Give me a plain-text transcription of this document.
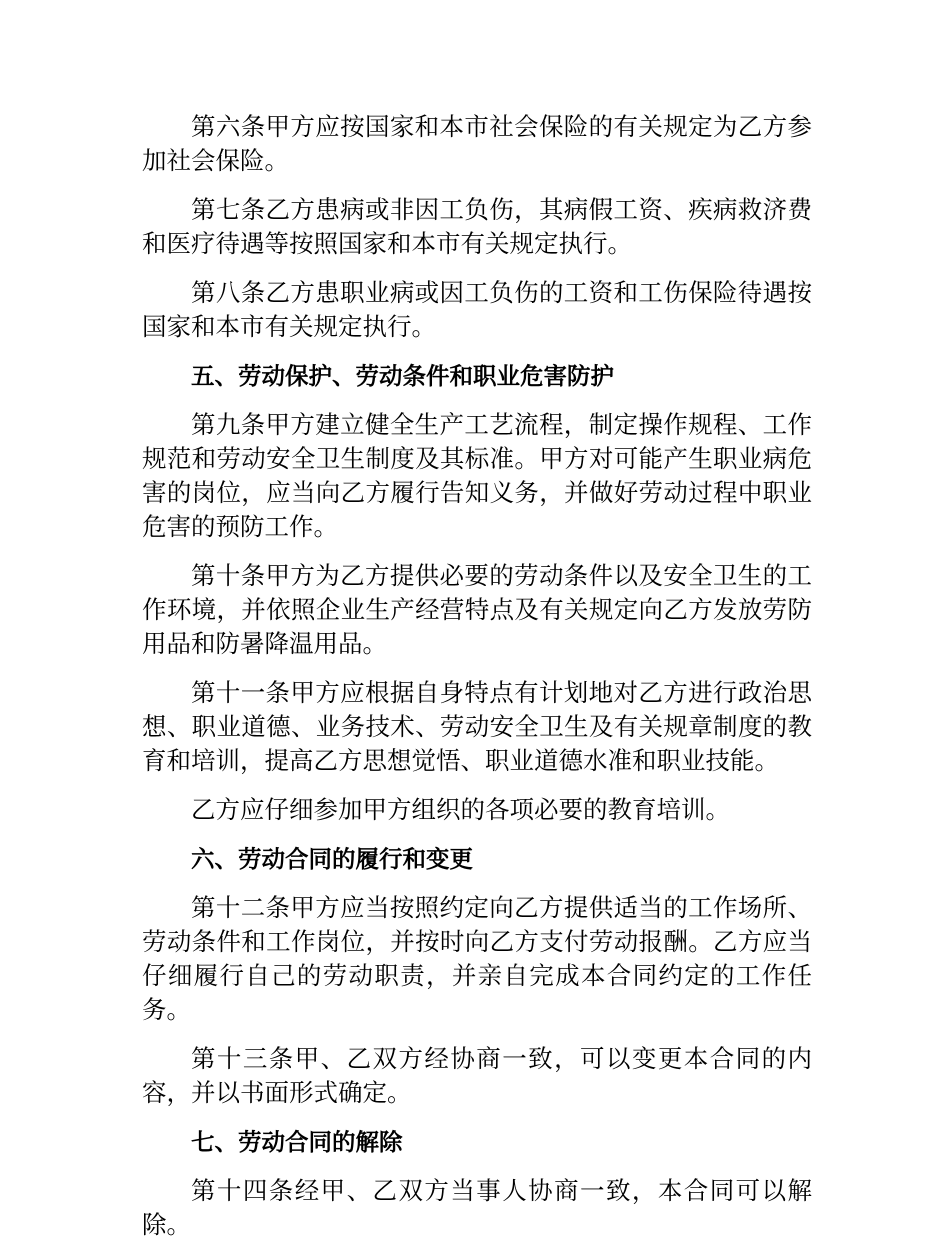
第六条甲方应按国家和本市社会保险的有关规定为乙方参加社会保险。

第七条乙方患病或非因工负伤，其病假工资、疾病救济费和医疗待遇等按照国家和本市有关规定执行。

第八条乙方患职业病或因工负伤的工资和工伤保险待遇按国家和本市有关规定执行。

五、劳动保护、劳动条件和职业危害防护

第九条甲方建立健全生产工艺流程，制定操作规程、工作规范和劳动安全卫生制度及其标准。甲方对可能产生职业病危害的岗位，应当向乙方履行告知义务，并做好劳动过程中职业危害的预防工作。

第十条甲方为乙方提供必要的劳动条件以及安全卫生的工作环境，并依照企业生产经营特点及有关规定向乙方发放劳防用品和防暑降温用品。

第十一条甲方应根据自身特点有计划地对乙方进行政治思想、职业道德、业务技术、劳动安全卫生及有关规章制度的教育和培训，提高乙方思想觉悟、职业道德水准和职业技能。

乙方应仔细参加甲方组织的各项必要的教育培训。

六、劳动合同的履行和变更

第十二条甲方应当按照约定向乙方提供适当的工作场所、劳动条件和工作岗位，并按时向乙方支付劳动报酬。乙方应当仔细履行自己的劳动职责，并亲自完成本合同约定的工作任务。

第十三条甲、乙双方经协商一致，可以变更本合同的内容，并以书面形式确定。

七、劳动合同的解除

第十四条经甲、乙双方当事人协商一致，本合同可以解除。
